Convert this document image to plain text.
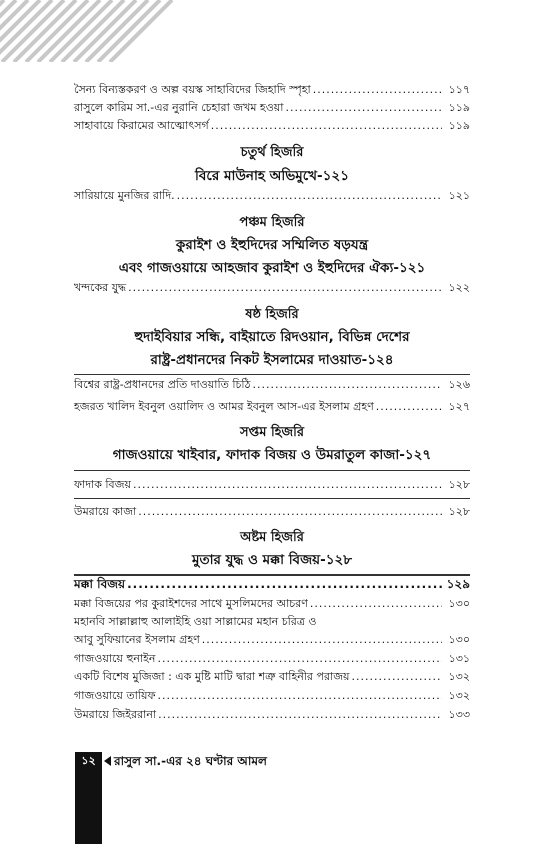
সৈন্য বিন্যস্তকরণ ও অল্প বয়স্ক সাহাবিদের জিহাদি স্পৃহা .....	১১৭
রাসুলে কারিম সা.-এর নুরানি চেহারা জখম হওয়া .....	১১৯
সাহাবায়ে কিরামের আত্মোৎসর্গ .....	১১৯
চতুর্থ হিজরি
বিরে মাউনাহ অভিমুখে-১২১
সারিয়ায়ে মুনজির রাদি. .....	১২১
পঞ্চম হিজরি
কুরাইশ ও ইহুদিদের সম্মিলিত ষড়যন্ত্র
এবং গাজওয়ায়ে আহজাব কুরাইশ ও ইহুদিদের ঐক্য-১২১
খন্দকের যুদ্ধ .....	১২২
ষষ্ঠ হিজরি
হুদাইবিয়ার সন্ধি, বাইয়াতে রিদওয়ান, বিভিন্ন দেশের
রাষ্ট্র-প্রধানদের নিকট ইসলামের দাওয়াত-১২৪
বিশ্বের রাষ্ট্র-প্রধানদের প্রতি দাওয়াতি চিঠি .....	১২৬
হজরত খালিদ ইবনুল ওয়ালিদ ও আমর ইবনুল আস-এর ইসলাম গ্রহণ .....	১২৭
সপ্তম হিজরি
গাজওয়ায়ে খাইবার, ফাদাক বিজয় ও উমরাতুল কাজা-১২৭
ফাদাক বিজয় .....	১২৮
উমরায়ে কাজা .....	১২৮
অষ্টম হিজরি
মুতার যুদ্ধ ও মক্কা বিজয়-১২৮
মক্কা বিজয় .....	১২৯
মক্কা বিজয়ের পর কুরাইশদের সাথে মুসলিমদের আচরণ .....	১৩০
মহানবি সাল্লাল্লাহু আলাইহি ওয়া সাল্লামের মহান চরিত্র ও
আবু সুফিয়ানের ইসলাম গ্রহণ .....	১৩০
গাজওয়ায়ে হুনাইন .....	১৩১
একটি বিশেষ মুজিজা : এক মুষ্টি মাটি দ্বারা শত্রু বাহিনীর পরাজয় .....	১৩২
গাজওয়ায়ে তায়িফ .....	১৩২
উমরায়ে জিইররানা .....	১৩৩
১২	রাসুল সা.-এর ২৪ ঘণ্টার আমল
